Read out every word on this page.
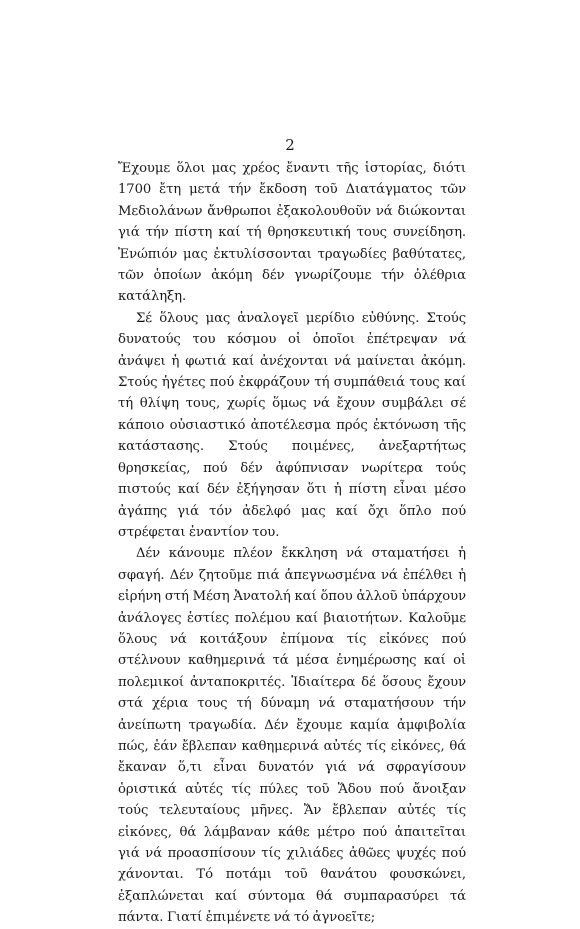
2

Ἔχουμε ὅλοι μας χρέος ἔναντι τῆς ἱστορίας, διότι 1700 ἔτη μετά τήν ἔκδοση τοῦ Διατάγματος τῶν Μεδιολάνων ἄνθρωποι ἐξακολουθοῦν νά διώκονται γιά τήν πίστη καί τή θρησκευτική τους συνείδηση. Ἐνώπιόν μας ἐκτυλίσσονται τραγωδίες βαθύτατες, τῶν ὁποίων ἀκόμη δέν γνωρίζουμε τήν ὀλέθρια κατάληξη.

Σέ ὅλους μας ἀναλογεῖ μερίδιο εὐθύνης. Στούς δυνατούς του κόσμου οἱ ὁποῖοι ἐπέτρεψαν νά ἀνάψει ἡ φωτιά καί ἀνέχονται νά μαίνεται ἀκόμη. Στούς ἡγέτες πού ἐκφράζουν τή συμπάθειά τους καί τή θλίψη τους, χωρίς ὅμως νά ἔχουν συμβάλει σέ κάποιο οὐσιαστικό ἀποτέλεσμα πρός ἐκτόνωση τῆς κατάστασης. Στούς ποιμένες, ἀνεξαρτήτως θρησκείας, πού δέν ἀφύπνισαν νωρίτερα τούς πιστούς καί δέν ἐξήγησαν ὅτι ἡ πίστη εἶναι μέσο ἀγάπης γιά τόν ἀδελφό μας καί ὄχι ὅπλο πού στρέφεται ἐναντίον του.

Δέν κάνουμε πλέον ἔκκληση νά σταματήσει ἡ σφαγή. Δέν ζητοῦμε πιά ἀπεγνωσμένα νά ἐπέλθει ἡ εἰρήνη στή Μέση Ἀνατολή καί ὅπου ἀλλοῦ ὑπάρχουν ἀνάλογες ἑστίες πολέμου καί βιαιοτήτων. Καλοῦμε ὅλους νά κοιτάξουν ἐπίμονα τίς εἰκόνες πού στέλνουν καθημερινά τά μέσα ἐνημέρωσης καί οἱ πολεμικοί ἀνταποκριτές. Ἰδιαίτερα δέ ὅσους ἔχουν στά χέρια τους τή δύναμη νά σταματήσουν τήν ἀνείπωτη τραγωδία. Δέν ἔχουμε καμία ἀμφιβολία πώς, ἐάν ἔβλεπαν καθημερινά αὐτές τίς εἰκόνες, θά ἔκαναν ὅ,τι εἶναι δυνατόν γιά νά σφραγίσουν ὁριστικά αὐτές τίς πύλες τοῦ Ἅδου πού ἄνοιξαν τούς τελευταίους μῆνες. Ἄν ἔβλεπαν αὐτές τίς εἰκόνες, θά λάμβαναν κάθε μέτρο πού ἀπαιτεῖται γιά νά προασπίσουν τίς χιλιάδες ἀθῶες ψυχές πού χάνονται. Τό ποτάμι τοῦ θανάτου φουσκώνει, ἐξαπλώνεται καί σύντομα θά συμπαρασύρει τά πάντα. Γιατί ἐπιμένετε νά τό ἀγνοεῖτε;
